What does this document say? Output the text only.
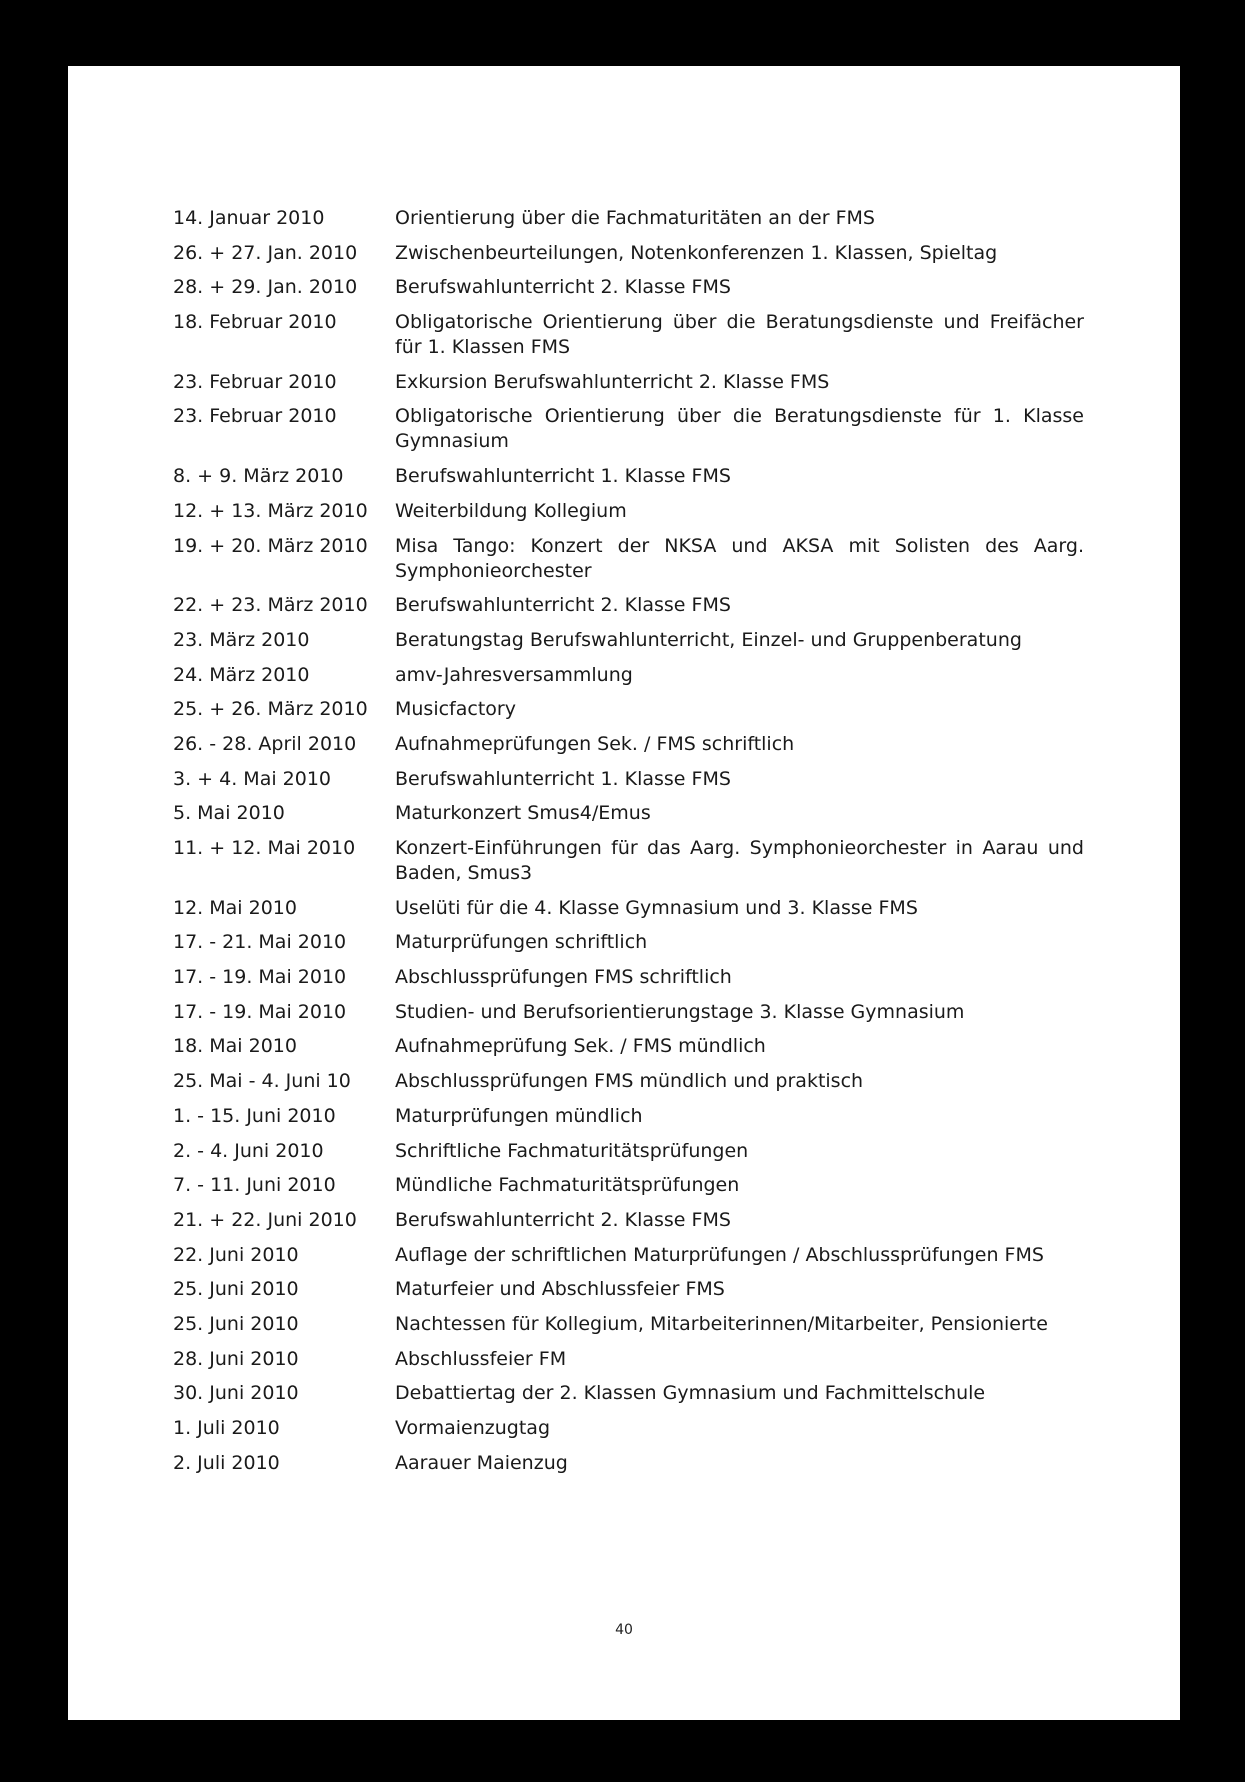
14. Januar 2010	Orientierung über die Fachmaturitäten an der FMS
26. + 27. Jan. 2010	Zwischenbeurteilungen, Notenkonferenzen 1. Klassen, Spieltag
28. + 29. Jan. 2010	Berufswahlunterricht 2. Klasse FMS
18. Februar 2010	Obligatorische Orientierung über die Beratungsdienste und Freifächer für 1. Klassen FMS
23. Februar 2010	Exkursion Berufswahlunterricht 2. Klasse FMS
23. Februar 2010	Obligatorische Orientierung über die Beratungsdienste für 1. Klasse Gymnasium
8. + 9. März 2010	Berufswahlunterricht 1. Klasse FMS
12. + 13. März 2010	Weiterbildung Kollegium
19. + 20. März 2010	Misa Tango: Konzert der NKSA und AKSA mit Solisten des Aarg. Symphonieorchester
22. + 23. März 2010	Berufswahlunterricht 2. Klasse FMS
23. März 2010	Beratungstag Berufswahlunterricht, Einzel- und Gruppenberatung
24. März 2010	amv-Jahresversammlung
25. + 26. März 2010	Musicfactory
26. - 28. April 2010	Aufnahmeprüfungen Sek. / FMS schriftlich
3. + 4. Mai 2010	Berufswahlunterricht 1. Klasse FMS
5. Mai 2010	Maturkonzert Smus4/Emus
11. + 12. Mai 2010	Konzert-Einführungen für das Aarg. Symphonieorchester in Aarau und Baden, Smus3
12. Mai 2010	Uselüti für die 4. Klasse Gymnasium und 3. Klasse FMS
17. - 21. Mai 2010	Maturprüfungen schriftlich
17. - 19. Mai 2010	Abschlussprüfungen FMS schriftlich
17. - 19. Mai 2010	Studien- und Berufsorientierungstage 3. Klasse Gymnasium
18. Mai 2010	Aufnahmeprüfung Sek. / FMS mündlich
25. Mai - 4. Juni 10	Abschlussprüfungen FMS mündlich und praktisch
1. - 15. Juni 2010	Maturprüfungen mündlich
2. - 4. Juni 2010	Schriftliche Fachmaturitätsprüfungen
7. - 11. Juni 2010	Mündliche Fachmaturitätsprüfungen
21. + 22. Juni 2010	Berufswahlunterricht 2. Klasse FMS
22. Juni 2010	Auflage der schriftlichen Maturprüfungen / Abschlussprüfungen FMS
25. Juni 2010	Maturfeier und Abschlussfeier FMS
25. Juni 2010	Nachtessen für Kollegium, Mitarbeiterinnen/Mitarbeiter, Pensionierte
28. Juni 2010	Abschlussfeier FM
30. Juni 2010	Debattiertag der 2. Klassen Gymnasium und Fachmittelschule
1. Juli 2010	Vormaienzugtag
2. Juli 2010	Aarauer Maienzug
40
